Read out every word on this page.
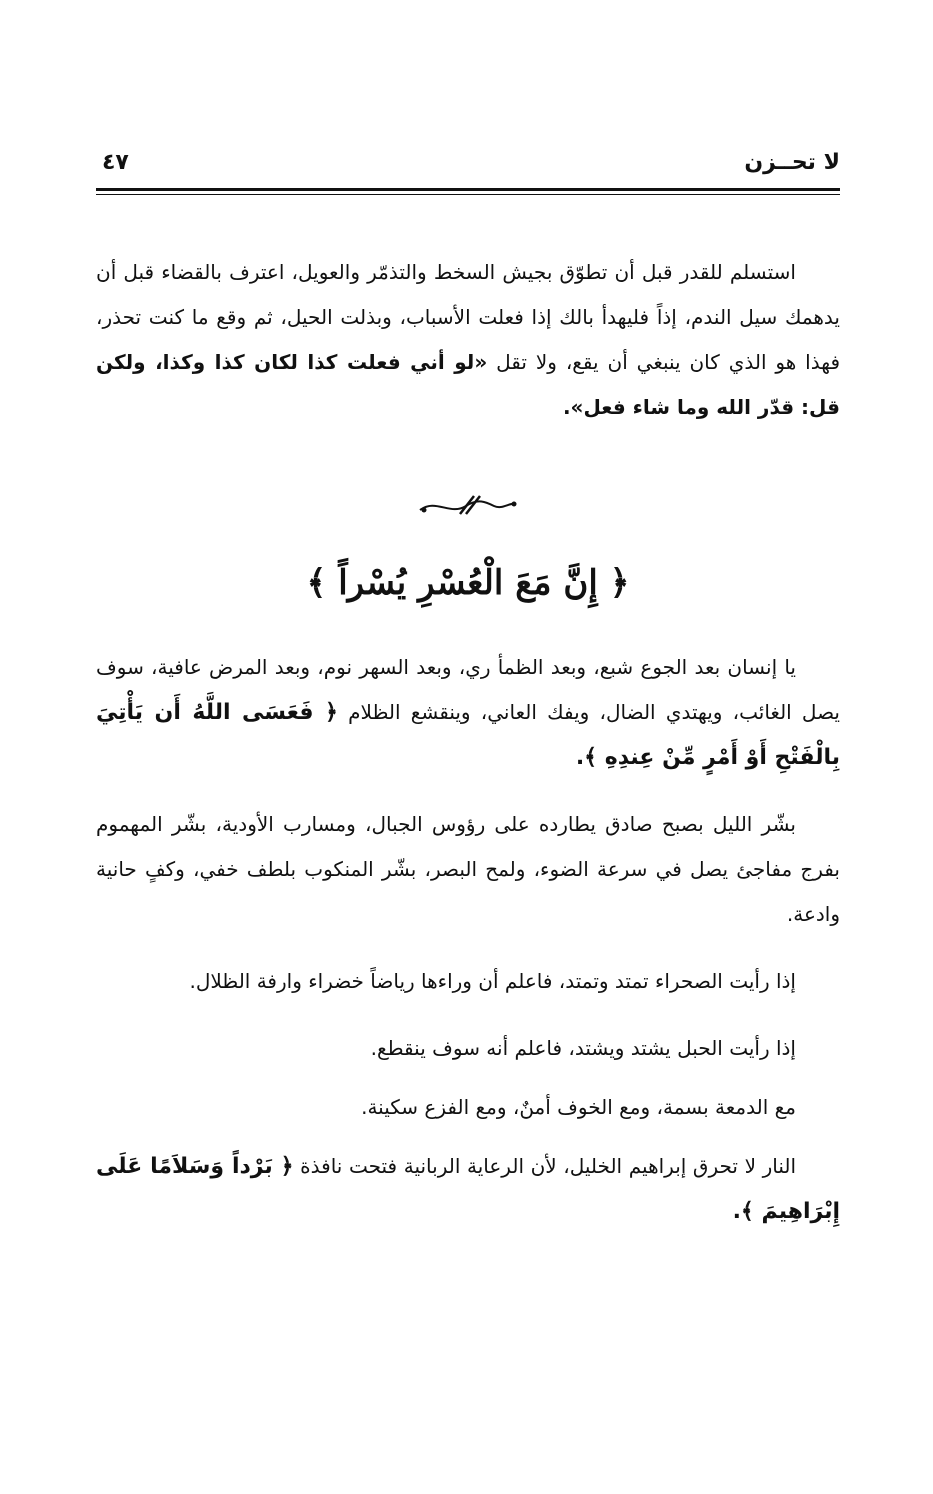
لا تحــزن
٤٧

استسلم للقدر قبل أن تطوّق بجيش السخط والتذمّر والعويل، اعترف بالقضاء قبل أن يدهمك سيل الندم، إذاً فليهدأ بالك إذا فعلت الأسباب، وبذلت الحيل، ثم وقع ما كنت تحذر، فهذا هو الذي كان ينبغي أن يقع، ولا تقل «لو أني فعلت كذا لكان كذا وكذا، ولكن قل: قدّر الله وما شاء فعل».

﴿ إِنَّ مَعَ الْعُسْرِ يُسْراً ﴾

يا إنسان بعد الجوع شبع، وبعد الظمأ ري، وبعد السهر نوم، وبعد المرض عافية، سوف يصل الغائب، ويهتدي الضال، ويفك العاني، وينقشع الظلام ﴿ فَعَسَى اللَّهُ أَن يَأْتِيَ بِالْفَتْحِ أَوْ أَمْرٍ مِّنْ عِندِهِ ﴾.

بشّر الليل بصبح صادق يطارده على رؤوس الجبال، ومسارب الأودية، بشّر المهموم بفرج مفاجئ يصل في سرعة الضوء، ولمح البصر، بشّر المنكوب بلطف خفي، وكفٍ حانية وادعة.

إذا رأيت الصحراء تمتد وتمتد، فاعلم أن وراءها رياضاً خضراء وارفة الظلال.

إذا رأيت الحبل يشتد ويشتد، فاعلم أنه سوف ينقطع.

مع الدمعة بسمة، ومع الخوف أمنٌ، ومع الفزع سكينة.

النار لا تحرق إبراهيم الخليل، لأن الرعاية الربانية فتحت نافذة ﴿ بَرْداً وَسَلاَمًا عَلَى إِبْرَاهِيمَ ﴾.
